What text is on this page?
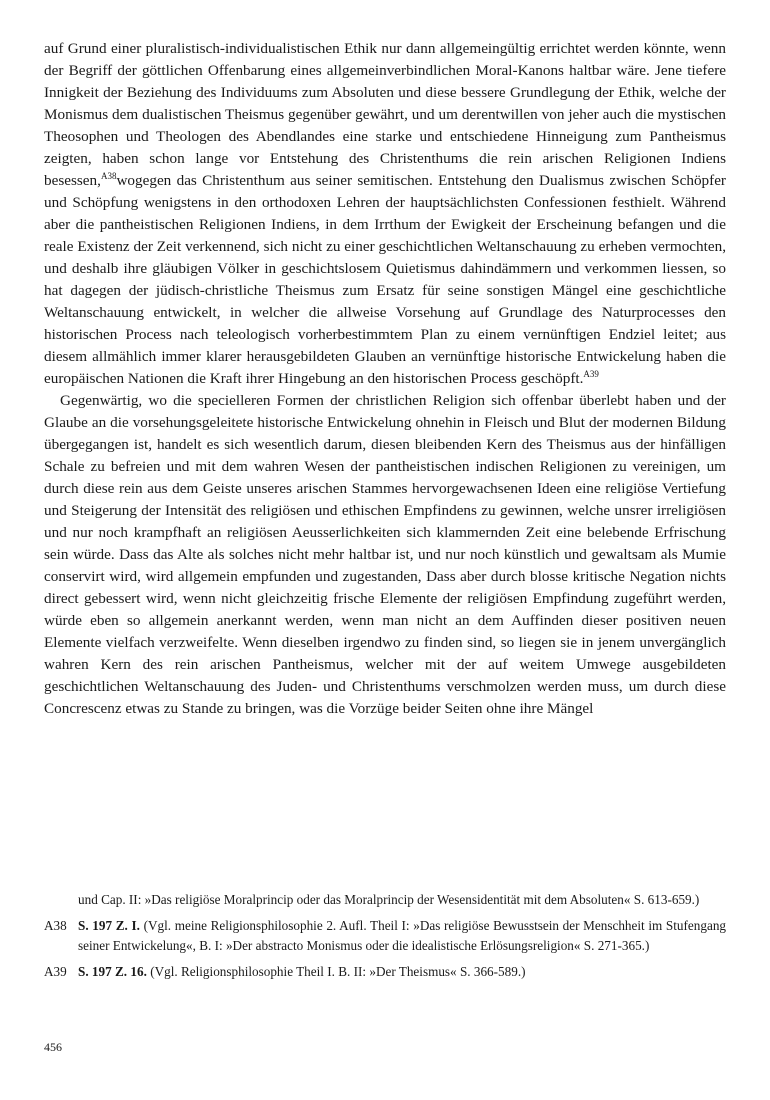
auf Grund einer pluralistisch-individualistischen Ethik nur dann allgemeingültig errichtet werden könnte, wenn der Begriff der göttlichen Offenbarung eines allgemeinverbindlichen Moral-Kanons haltbar wäre. Jene tiefere Innigkeit der Beziehung des Individuums zum Absoluten und diese bessere Grundlegung der Ethik, welche der Monismus dem dualistischen Theismus gegenüber gewährt, und um derentwillen von jeher auch die mystischen Theosophen und Theologen des Abendlandes eine starke und entschiedene Hinneigung zum Pantheismus zeigten, haben schon lange vor Entstehung des Christenthums die rein arischen Religionen Indiens besessen,$^{A38}$wogegen das Christenthum aus seiner semitischen. Entstehung den Dualismus zwischen Schöpfer und Schöpfung wenigstens in den orthodoxen Lehren der hauptsächlichsten Confessionen festhielt. Während aber die pantheistischen Religionen Indiens, in dem Irrthum der Ewigkeit der Erscheinung befangen und die reale Existenz der Zeit verkennend, sich nicht zu einer geschichtlichen Weltanschauung zu erheben vermochten, und deshalb ihre gläubigen Völker in geschichtslosem Quietismus dahindämmern und verkommen liessen, so hat dagegen der jüdisch-christliche Theismus zum Ersatz für seine sonstigen Mängel eine geschichtliche Weltanschauung entwickelt, in welcher die allweise Vorsehung auf Grundlage des Naturprocesses den historischen Process nach teleologisch vorherbestimmtem Plan zu einem vernünftigen Endziel leitet; aus diesem allmählich immer klarer herausgebildeten Glauben an vernünftige historische Entwickelung haben die europäischen Nationen die Kraft ihrer Hingebung an den historischen Process geschöpft.$^{A39}$

Gegenwärtig, wo die specielleren Formen der christlichen Religion sich offenbar überlebt haben und der Glaube an die vorsehungsgeleitete historische Entwickelung ohnehin in Fleisch und Blut der modernen Bildung übergegangen ist, handelt es sich wesentlich darum, diesen bleibenden Kern des Theismus aus der hinfälligen Schale zu befreien und mit dem wahren Wesen der pantheistischen indischen Religionen zu vereinigen, um durch diese rein aus dem Geiste unseres arischen Stammes hervorgewachsenen Ideen eine religiöse Vertiefung und Steigerung der Intensität des religiösen und ethischen Empfindens zu gewinnen, welche unsrer irreligiösen und nur noch krampfhaft an religiösen Aeusserlichkeiten sich klammernden Zeit eine belebende Erfrischung sein würde. Dass das Alte als solches nicht mehr haltbar ist, und nur noch künstlich und gewaltsam als Mumie conservirt wird, wird allgemein empfunden und zugestanden, Dass aber durch blosse kritische Negation nichts direct gebessert wird, wenn nicht gleichzeitig frische Elemente der religiösen Empfindung zugeführt werden, würde eben so allgemein anerkannt werden, wenn man nicht an dem Auffinden dieser positiven neuen Elemente vielfach verzweifelte. Wenn dieselben irgendwo zu finden sind, so liegen sie in jenem unvergänglich wahren Kern des rein arischen Pantheismus, welcher mit der auf weitem Umwege ausgebildeten geschichtlichen Weltanschauung des Juden- und Christenthums verschmolzen werden muss, um durch diese Concrescenz etwas zu Stande zu bringen, was die Vorzüge beider Seiten ohne ihre Mängel

und Cap. II: »Das religiöse Moralprincip oder das Moralprincip der Wesensidentität mit dem Absoluten« S. 613-659.)
A38 S. 197 Z. I. (Vgl. meine Religionsphilosophie 2. Aufl. Theil I: »Das religiöse Bewusstsein der Menschheit im Stufengang seiner Entwickelung«, B. I: »Der abstracto Monismus oder die idealistische Erlösungsreligion« S. 271-365.)
A39 S. 197 Z. 16. (Vgl. Religionsphilosophie Theil I. B. II: »Der Theismus« S. 366-589.)
456
